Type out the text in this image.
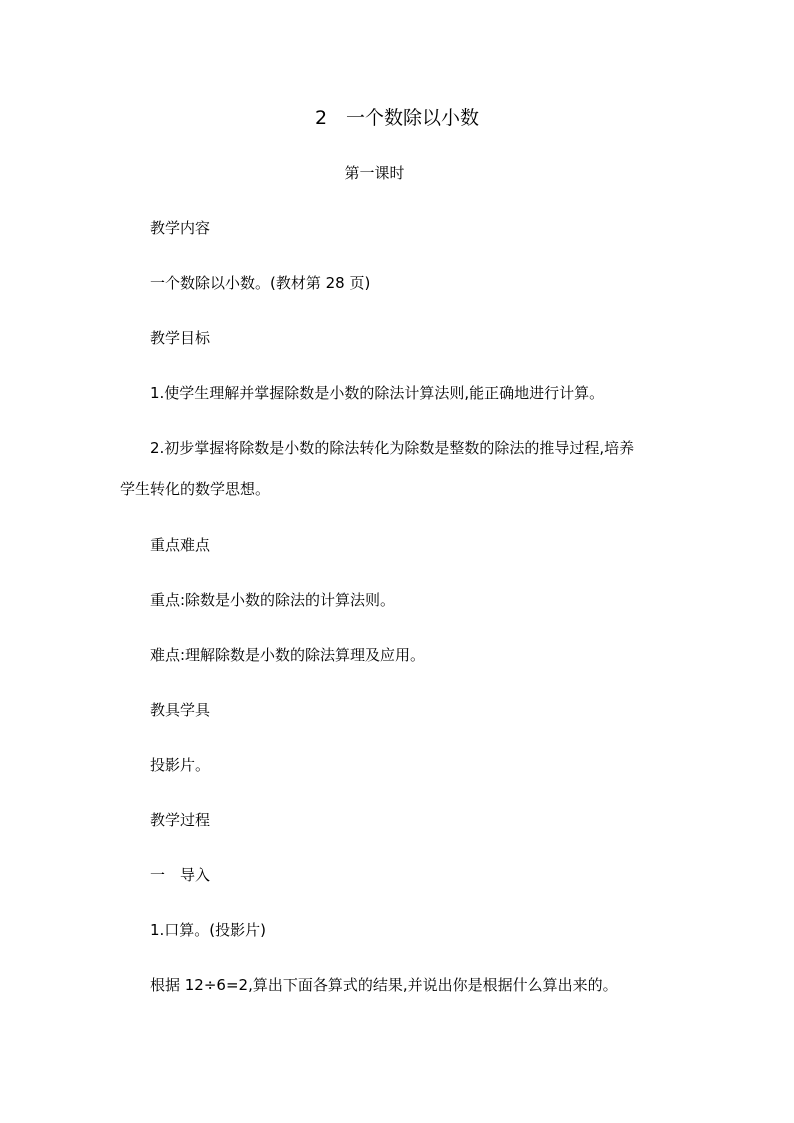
2　一个数除以小数
第一课时
教学内容
一个数除以小数。(教材第 28 页)
教学目标
1.使学生理解并掌握除数是小数的除法计算法则,能正确地进行计算。
2.初步掌握将除数是小数的除法转化为除数是整数的除法的推导过程,培养
学生转化的数学思想。
重点难点
重点:除数是小数的除法的计算法则。
难点:理解除数是小数的除法算理及应用。
教具学具
投影片。
教学过程
一　导入
1.口算。(投影片)
根据 12÷6=2,算出下面各算式的结果,并说出你是根据什么算出来的。
